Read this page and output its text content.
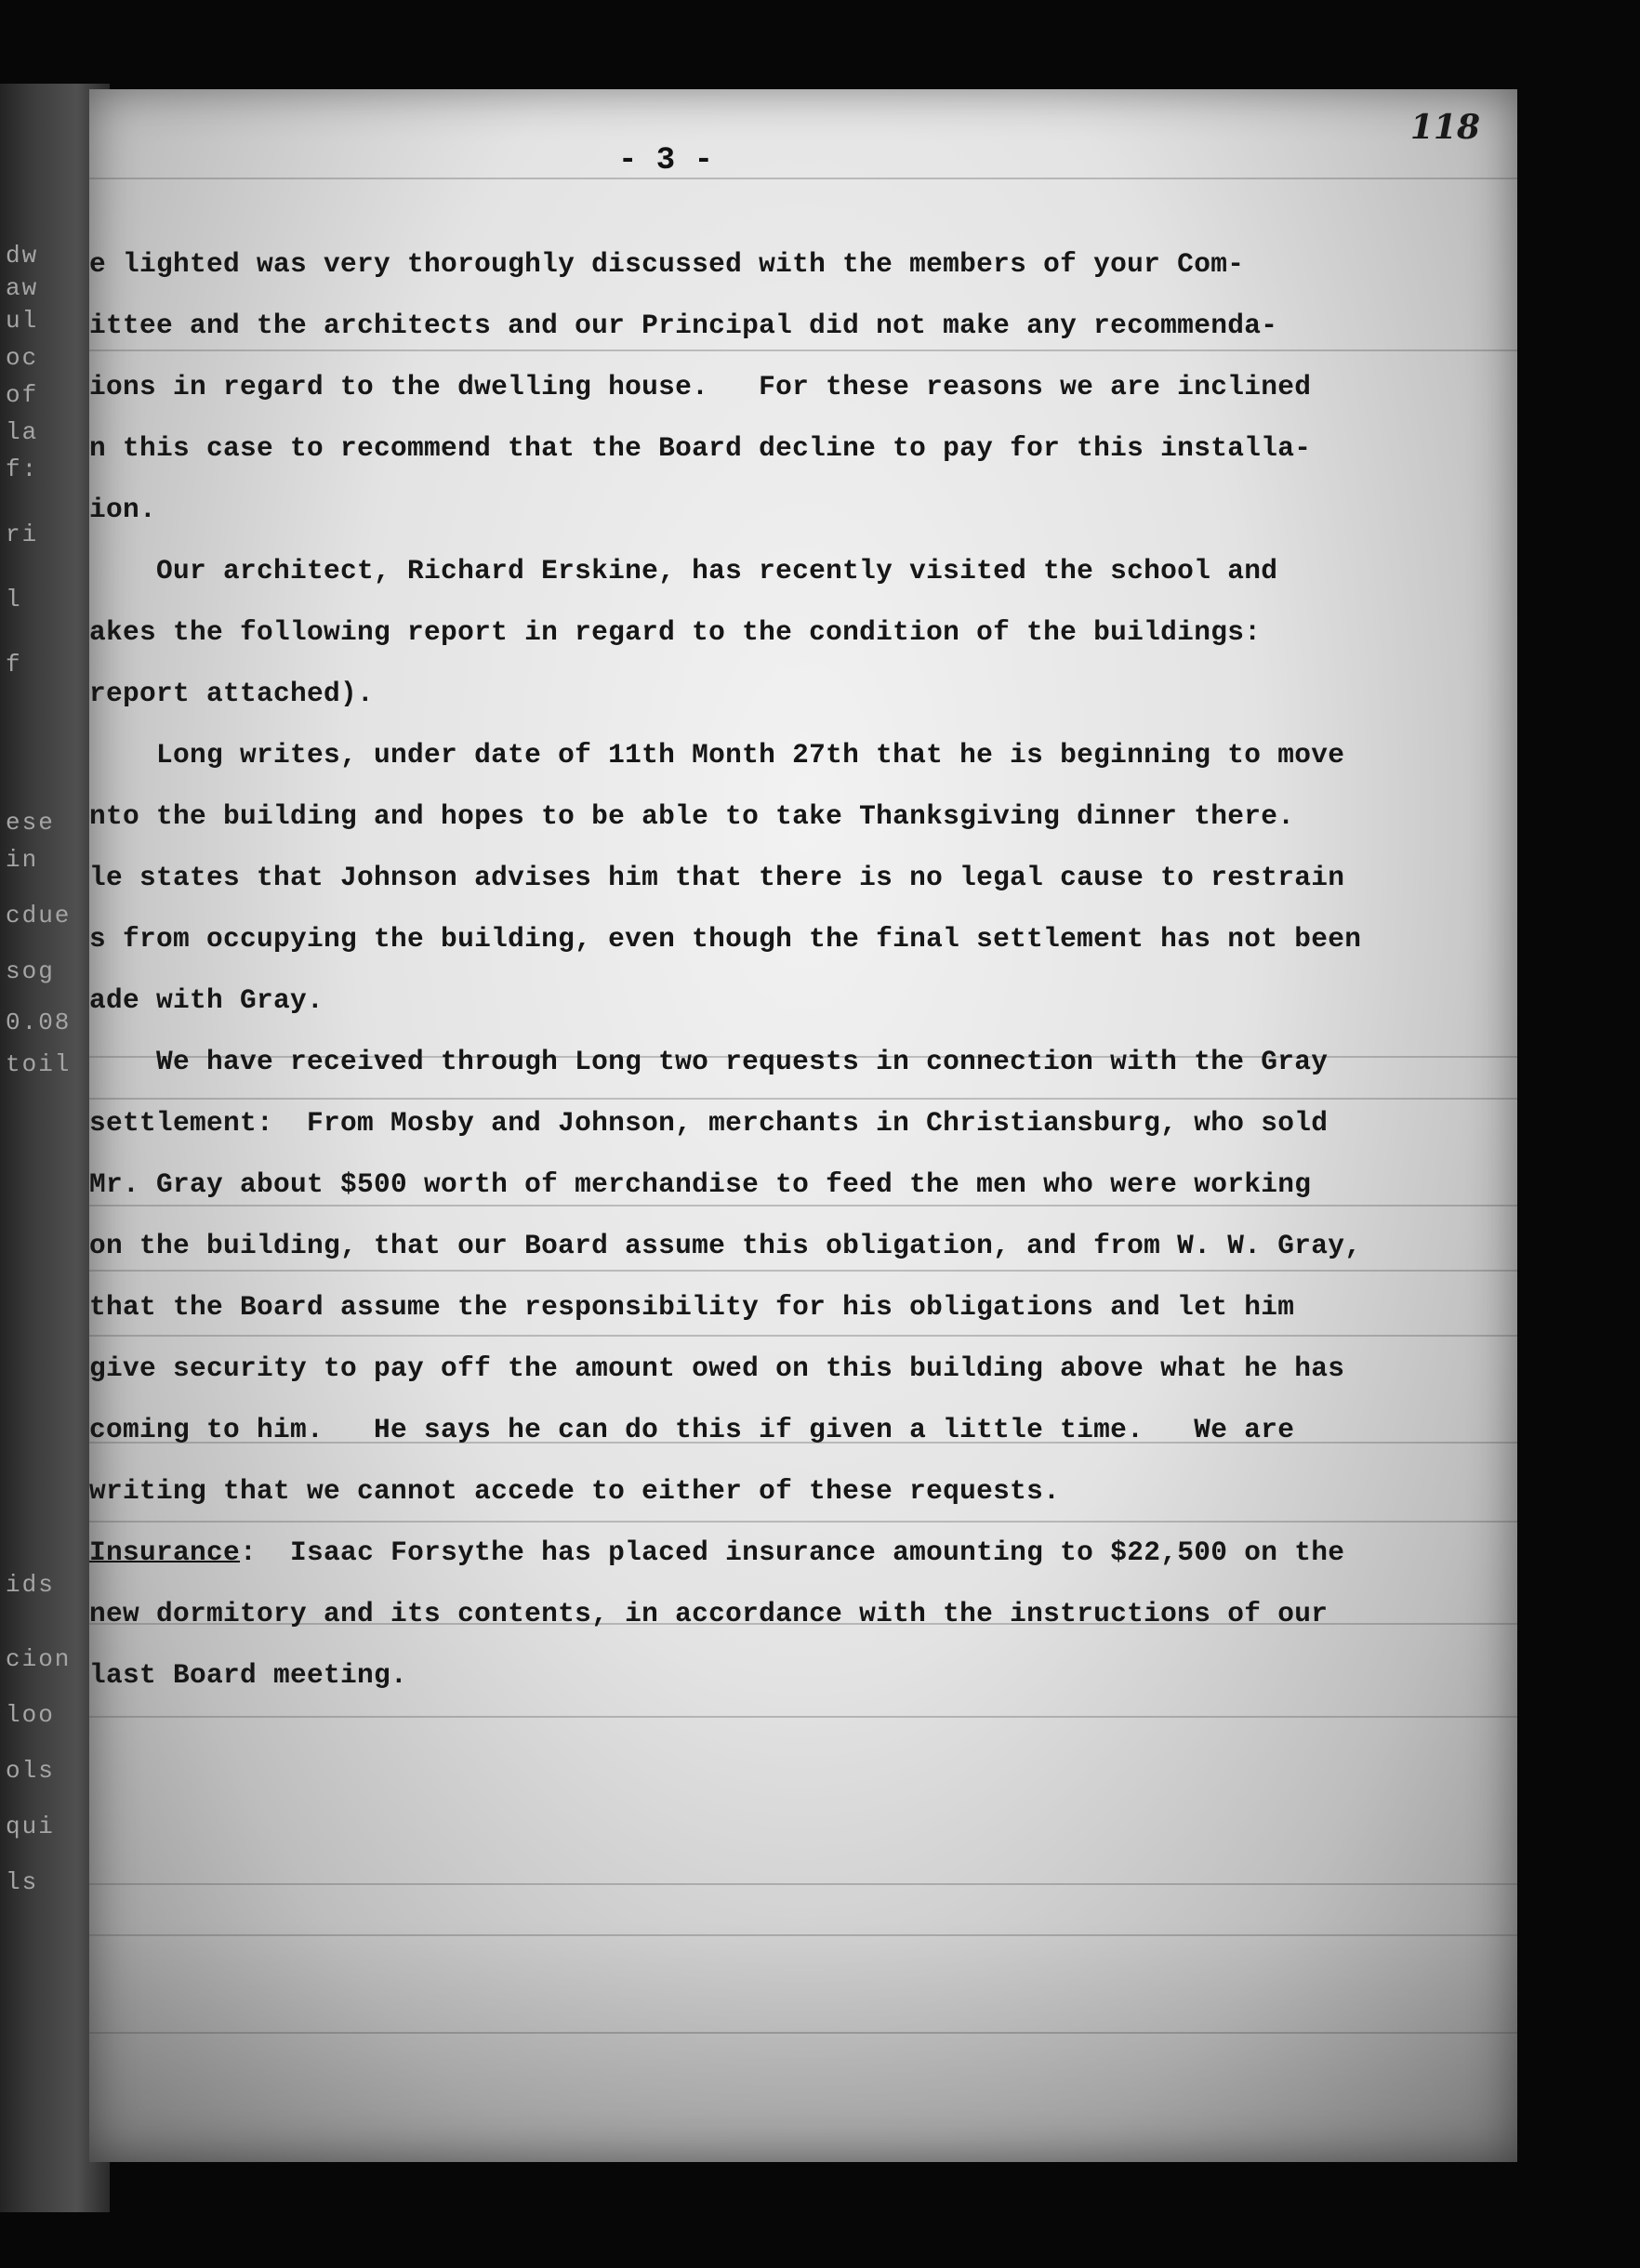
dw
aw
ul
oc
of
la
f:
ri
l
f
ese
in
cdue
sog
0.08
toil
ids
cion
loo
ols
qui
ls
- 3 -
118
e lighted was very thoroughly discussed with the members of your Com-
ittee and the architects and our Principal did not make any recommenda-
ions in regard to the dwelling house.   For these reasons we are inclined
n this case to recommend that the Board decline to pay for this installa-
ion.
Our architect, Richard Erskine, has recently visited the school and
akes the following report in regard to the condition of the buildings:
report attached).
Long writes, under date of 11th Month 27th that he is beginning to move
nto the building and hopes to be able to take Thanksgiving dinner there.
le states that Johnson advises him that there is no legal cause to restrain
s from occupying the building, even though the final settlement has not been
ade with Gray.
We have received through Long two requests in connection with the Gray
settlement:  From Mosby and Johnson, merchants in Christiansburg, who sold
Mr. Gray about $500 worth of merchandise to feed the men who were working
on the building, that our Board assume this obligation, and from W. W. Gray,
that the Board assume the responsibility for his obligations and let him
give security to pay off the amount owed on this building above what he has
coming to him.   He says he can do this if given a little time.   We are
writing that we cannot accede to either of these requests.
Insurance:  Isaac Forsythe has placed insurance amounting to $22,500 on the
new dormitory and its contents, in accordance with the instructions of our
last Board meeting.
